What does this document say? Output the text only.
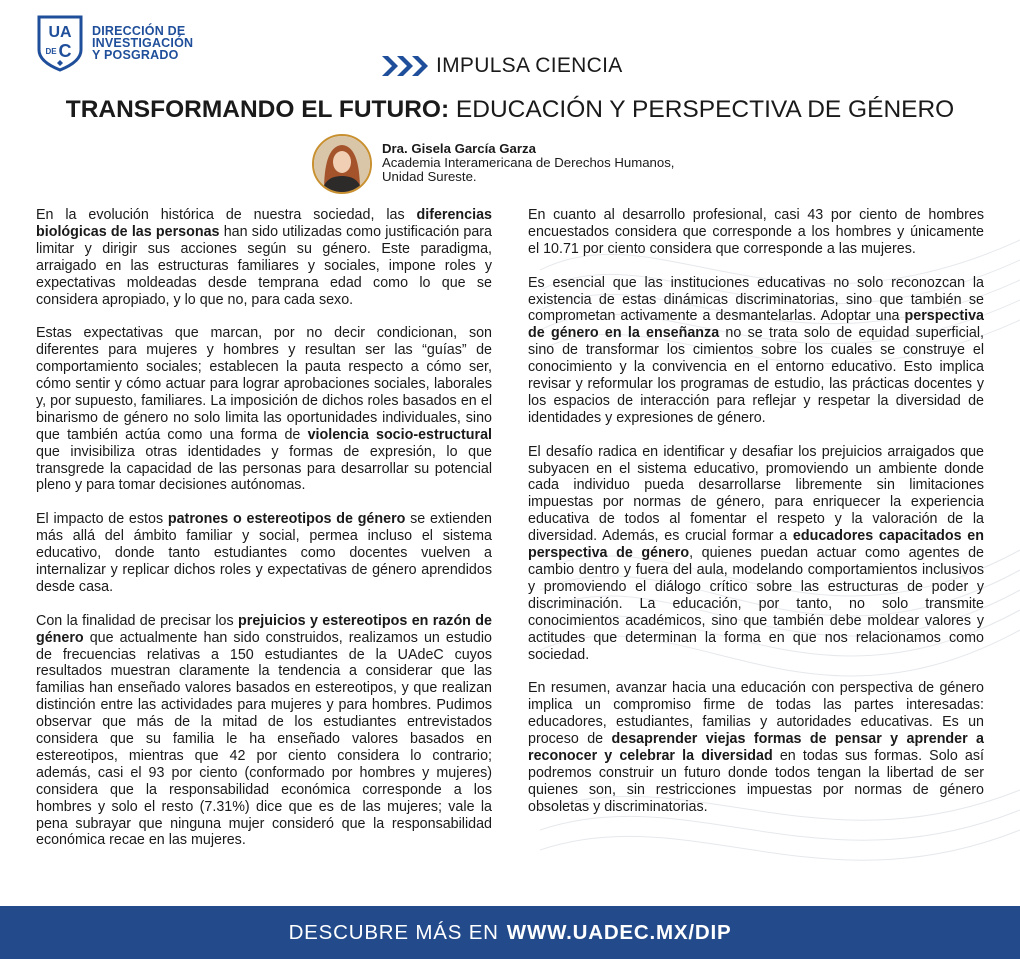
UA
DE C
DIRECCIÓN DE
INVESTIGACIÓN
Y POSGRADO	IMPULSA CIENCIA
TRANSFORMANDO EL FUTURO: EDUCACIÓN Y PERSPECTIVA DE GÉNERO
Dra. Gisela García Garza
Academia Interamericana de Derechos Humanos,
Unidad Sureste.

En la evolución histórica de nuestra sociedad, las diferencias biológicas de las personas han sido utilizadas como justificación para limitar y dirigir sus acciones según su género. Este paradigma, arraigado en las estructuras familiares y sociales, impone roles y expectativas moldeadas desde temprana edad como lo que se considera apropiado, y lo que no, para cada sexo.

Estas expectativas que marcan, por no decir condicionan, son diferentes para mujeres y hombres y resultan ser las “guías” de comportamiento sociales; establecen la pauta respecto a cómo ser, cómo sentir y cómo actuar para lograr aprobaciones sociales, laborales y, por supuesto, familiares. La imposición de dichos roles basados en el binarismo de género no solo limita las oportunidades individuales, sino que también actúa como una forma de violencia socio-estructural que invisibiliza otras identidades y formas de expresión, lo que transgrede la capacidad de las personas para desarrollar su potencial pleno y para tomar decisiones autónomas.

El impacto de estos patrones o estereotipos de género se extienden más allá del ámbito familiar y social, permea incluso el sistema educativo, donde tanto estudiantes como docentes vuelven a internalizar y replicar dichos roles y expectativas de género aprendidos desde casa.

Con la finalidad de precisar los prejuicios y estereotipos en razón de género que actualmente han sido construidos, realizamos un estudio de frecuencias relativas a 150 estudiantes de la UAdeC cuyos resultados muestran claramente la tendencia a considerar que las familias han enseñado valores basados en estereotipos, y que realizan distinción entre las actividades para mujeres y para hombres. Pudimos observar que más de la mitad de los estudiantes entrevistados considera que su familia le ha enseñado valores basados en estereotipos, mientras que 42 por ciento considera lo contrario; además, casi el 93 por ciento (conformado por hombres y mujeres) considera que la responsabilidad económica corresponde a los hombres y solo el resto (7.31%) dice que es de las mujeres; vale la pena subrayar que ninguna mujer consideró que la responsabilidad económica recae en las mujeres.

En cuanto al desarrollo profesional, casi 43 por ciento de hombres encuestados considera que corresponde a los hombres y únicamente el 10.71 por ciento considera que corresponde a las mujeres.

Es esencial que las instituciones educativas no solo reconozcan la existencia de estas dinámicas discriminatorias, sino que también se comprometan activamente a desmantelarlas. Adoptar una perspectiva de género en la enseñanza no se trata solo de equidad superficial, sino de transformar los cimientos sobre los cuales se construye el conocimiento y la convivencia en el entorno educativo. Esto implica revisar y reformular los programas de estudio, las prácticas docentes y los espacios de interacción para reflejar y respetar la diversidad de identidades y expresiones de género.

El desafío radica en identificar y desafiar los prejuicios arraigados que subyacen en el sistema educativo, promoviendo un ambiente donde cada individuo pueda desarrollarse libremente sin limitaciones impuestas por normas de género, para enriquecer la experiencia educativa de todos al fomentar el respeto y la valoración de la diversidad. Además, es crucial formar a educadores capacitados en perspectiva de género, quienes puedan actuar como agentes de cambio dentro y fuera del aula, modelando comportamientos inclusivos y promoviendo el diálogo crítico sobre las estructuras de poder y discriminación. La educación, por tanto, no solo transmite conocimientos académicos, sino que también debe moldear valores y actitudes que determinan la forma en que nos relacionamos como sociedad.

En resumen, avanzar hacia una educación con perspectiva de género implica un compromiso firme de todas las partes interesadas: educadores, estudiantes, familias y autoridades educativas. Es un proceso de desaprender viejas formas de pensar y aprender a reconocer y celebrar la diversidad en todas sus formas. Solo así podremos construir un futuro donde todos tengan la libertad de ser quienes son, sin restricciones impuestas por normas de género obsoletas y discriminatorias.

DESCUBRE MÁS EN WWW.UADEC.MX/DIP
